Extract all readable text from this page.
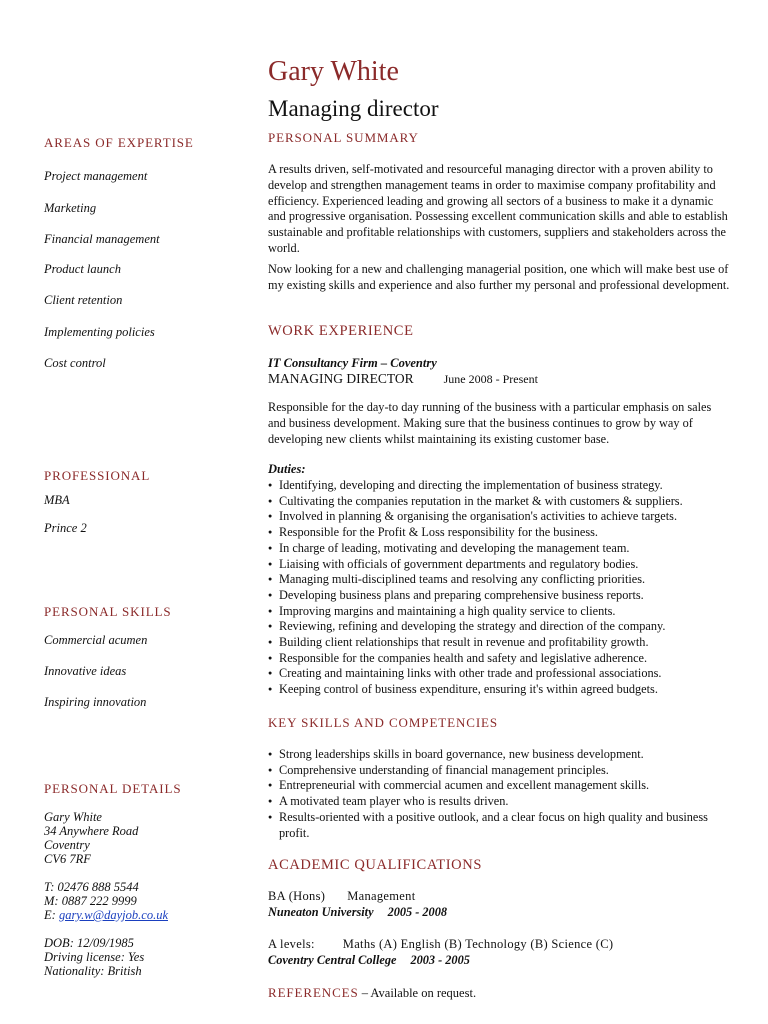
Gary White
Managing director
AREAS OF EXPERTISE
Project management
Marketing
Financial management
Product launch
Client retention
Implementing policies
Cost control
PROFESSIONAL
MBA
Prince 2
PERSONAL SKILLS
Commercial acumen
Innovative ideas
Inspiring innovation
PERSONAL DETAILS
Gary White
34 Anywhere Road
Coventry
CV6 7RF
T: 02476 888 5544
M: 0887 222 9999
E: gary.w@dayjob.co.uk
DOB: 12/09/1985
Driving license: Yes
Nationality: British
PERSONAL SUMMARY

A results driven, self-motivated and resourceful managing director with a proven ability to develop and strengthen management teams in order to maximise company profitability and efficiency. Experienced leading and growing all sectors of a business to make it a dynamic and progressive organisation. Possessing excellent communication skills and able to establish sustainable and profitable relationships with customers, suppliers and stakeholders across the world.

Now looking for a new and challenging managerial position, one which will make best use of my existing skills and experience and also further my personal and professional development.

WORK EXPERIENCE
IT Consultancy Firm – Coventry
MANAGING DIRECTOR	June 2008 - Present

Responsible for the day-to day running of the business with a particular emphasis on sales and business development. Making sure that the business continues to grow by way of developing new clients whilst maintaining its existing customer base.

Duties:
● Identifying, developing and directing the implementation of business strategy.
● Cultivating the companies reputation in the market & with customers & suppliers.
● Involved in planning & organising the organisation's activities to achieve targets.
● Responsible for the Profit & Loss responsibility for the business.
● In charge of leading, motivating and developing the management team.
● Liaising with officials of government departments and regulatory bodies.
● Managing multi-disciplined teams and resolving any conflicting priorities.
● Developing business plans and preparing comprehensive business reports.
● Improving margins and maintaining a high quality service to clients.
● Reviewing, refining and developing the strategy and direction of the company.
● Building client relationships that result in revenue and profitability growth.
● Responsible for the companies health and safety and legislative adherence.
● Creating and maintaining links with other trade and professional associations.
● Keeping control of business expenditure, ensuring it's within agreed budgets.
KEY SKILLS AND COMPETENCIES
● Strong leaderships skills in board governance, new business development.
● Comprehensive understanding of financial management principles.
● Entrepreneurial with commercial acumen and excellent management skills.
● A motivated team player who is results driven.
● Results-oriented with a positive outlook, and a clear focus on high quality and business profit.
ACADEMIC QUALIFICATIONS
BA (Hons) Management
Nuneaton University 2005 - 2008
A levels: Maths (A) English (B) Technology (B) Science (C)
Coventry Central College 2003 - 2005
REFERENCES – Available on request.
